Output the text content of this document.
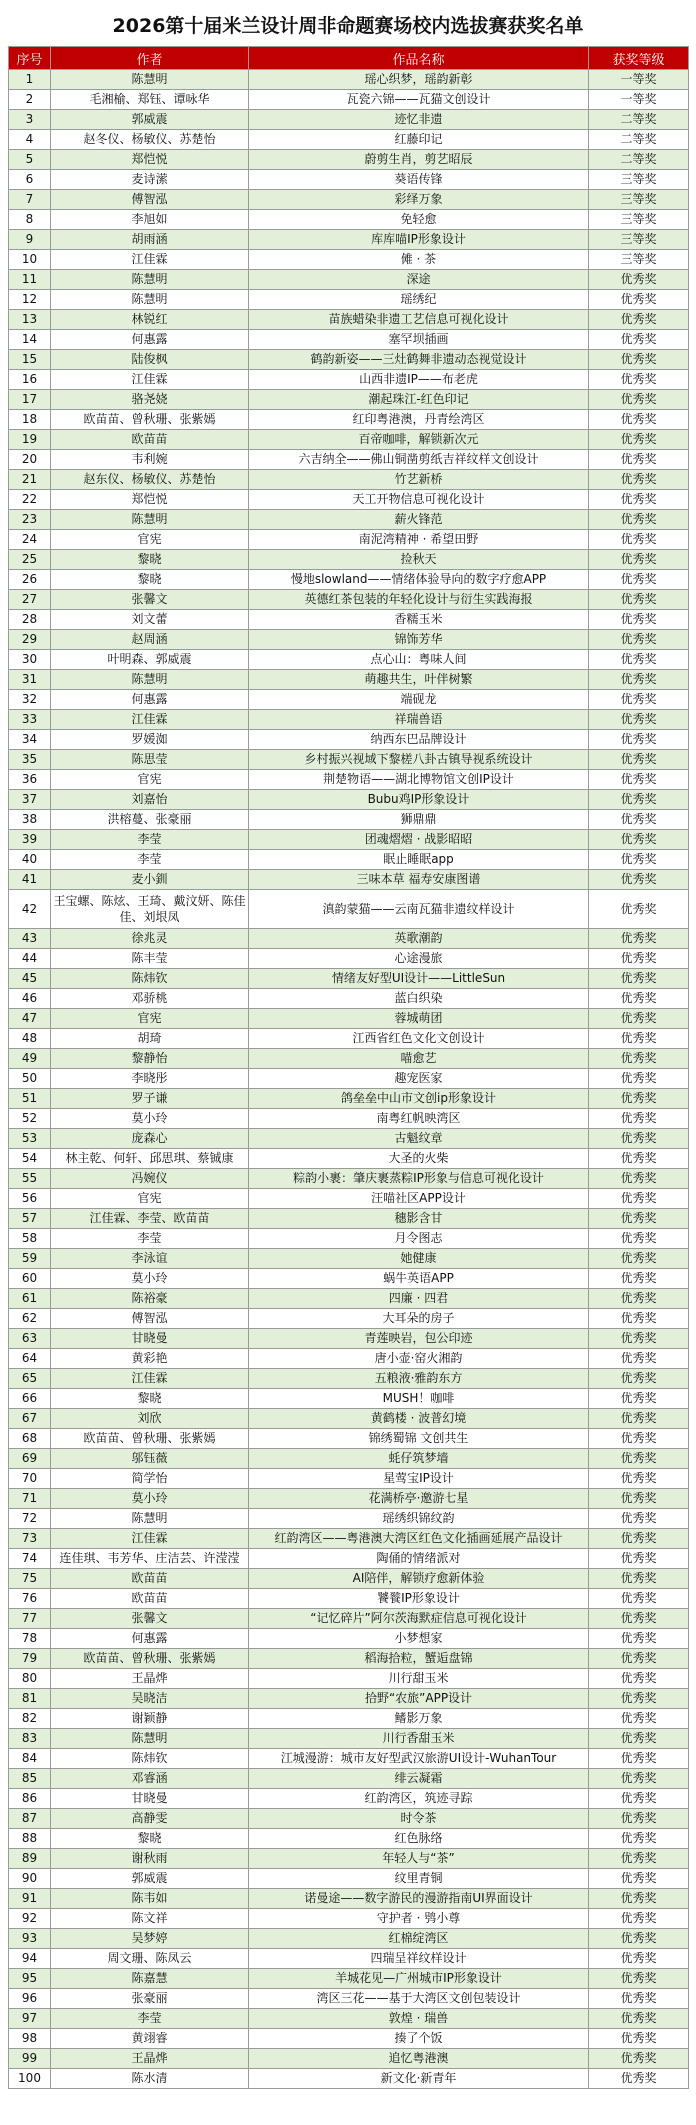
2026第十届米兰设计周非命题赛场校内选拔赛获奖名单
序号	作者	作品名称	获奖等级
1	陈慧明	瑶心织梦，瑶韵新彰	一等奖
2	毛湘榆、郑钰、谭咏华	瓦瓷六锦——瓦猫文创设计	一等奖
3	郭威震	迹忆非遗	二等奖
4	赵冬仪、杨敏仪、苏楚怡	红藤印记	二等奖
5	郑恺悦	蔚剪生肖，剪艺昭辰	二等奖
6	麦诗潆	葵语传锋	三等奖
7	傅智泓	彩绎万象	三等奖
8	李旭如	免轻愈	三等奖
9	胡雨涵	库库喵IP形象设计	三等奖
10	江佳霖	傩 · 茶	三等奖
11	陈慧明	深途	优秀奖
12	陈慧明	瑶绣纪	优秀奖
13	林锐红	苗族蜡染非遗工艺信息可视化设计	优秀奖
14	何惠露	塞罕坝插画	优秀奖
15	陆俊枫	鹤韵新姿——三灶鹤舞非遗动态视觉设计	优秀奖
16	江佳霖	山西非遗IP——布老虎	优秀奖
17	骆尧娆	潮起珠江-红色印记	优秀奖
18	欧苗苗、曾秋珊、张紫嫣	红印粤港澳，丹青绘湾区	优秀奖
19	欧苗苗	百帝咖啡，解锁新次元	优秀奖
20	韦利婉	六吉纳全——佛山铜凿剪纸吉祥纹样文创设计	优秀奖
21	赵东仪、杨敏仪、苏楚怡	竹艺新桥	优秀奖
22	郑恺悦	天工开物信息可视化设计	优秀奖
23	陈慧明	薪火锋范	优秀奖
24	官宪	南泥湾精神 · 希望田野	优秀奖
25	黎晓	捡秋天	优秀奖
26	黎晓	慢地slowland——情绪体验导向的数字疗愈APP	优秀奖
27	张馨文	英德红茶包装的年轻化设计与衍生实践海报	优秀奖
28	刘文蕾	香糯玉米	优秀奖
29	赵周涵	锦饰芳华	优秀奖
30	叶明森、郭威震	点心山：粤味人间	优秀奖
31	陈慧明	萌趣共生，叶伴树繁	优秀奖
32	何惠露	端砚龙	优秀奖
33	江佳霖	祥瑞兽语	优秀奖
34	罗媛洳	纳西东巴品牌设计	优秀奖
35	陈思莹	乡村振兴视域下黎槎八卦古镇导视系统设计	优秀奖
36	官宪	荆楚物语——湖北博物馆文创IP设计	优秀奖
37	刘嘉怡	Bubu鸡IP形象设计	优秀奖
38	洪榕蔓、张豪丽	狮鼎鼎	优秀奖
39	李莹	团魂熠熠 · 战影昭昭	优秀奖
40	李莹	眠止睡眠app	优秀奖
41	麦小釧	三味本草 福寿安康图谱	优秀奖
42	王宝螺、陈炫、王琦、戴汶妍、陈佳佳、刘垠凤	滇韵蒙猫——云南瓦猫非遗纹样设计	优秀奖
43	徐兆灵	英歌潮韵	优秀奖
44	陈丰莹	心途漫旅	优秀奖
45	陈炜钦	情绪友好型UI设计——LittleSun	优秀奖
46	邓骄桃	蓝白织染	优秀奖
47	官宪	蓉城萌团	优秀奖
48	胡琦	江西省红色文化文创设计	优秀奖
49	黎静怡	喵愈艺	优秀奖
50	李晓彤	趣宠医家	优秀奖
51	罗子谦	鸽垒垒中山市文创ip形象设计	优秀奖
52	莫小玲	南粤红帆映湾区	优秀奖
53	庞森心	古魁纹章	优秀奖
54	林主乾、何轩、邱思琪、蔡铖康	大圣的火柴	优秀奖
55	冯婉仪	粽韵小裹：肇庆裹蒸粽IP形象与信息可视化设计	优秀奖
56	官宪	汪喵社区APP设计	优秀奖
57	江佳霖、李莹、欧苗苗	穗影含甘	优秀奖
58	李莹	月令图志	优秀奖
59	李泳谊	她健康	优秀奖
60	莫小玲	蜗牛英语APP	优秀奖
61	陈裕豪	四廉 · 四君	优秀奖
62	傅智泓	大耳朵的房子	优秀奖
63	甘晓曼	青莲映岩，包公印迹	优秀奖
64	黄彩艳	唐小壶·窑火湘韵	优秀奖
65	江佳霖	五粮液·雅韵东方	优秀奖
66	黎晓	MUSH！咖啡	优秀奖
67	刘欣	黄鹤楼 · 波普幻境	优秀奖
68	欧苗苗、曾秋珊、张紫嫣	锦绣蜀锦 文创共生	优秀奖
69	邬钰薇	蚝仔筑梦墙	优秀奖
70	简学怡	星莺宝IP设计	优秀奖
71	莫小玲	花满桥亭·邀游七星	优秀奖
72	陈慧明	瑶绣织锦纹韵	优秀奖
73	江佳霖	红韵湾区——粤港澳大湾区红色文化插画延展产品设计	优秀奖
74	连佳琪、韦芳华、庄洁芸、许滢滢	陶俑的情绪派对	优秀奖
75	欧苗苗	AI陪伴，解锁疗愈新体验	优秀奖
76	欧苗苗	饕餮IP形象设计	优秀奖
77	张馨文	“记忆碎片”阿尔茨海默症信息可视化设计	优秀奖
78	何惠露	小梦想家	优秀奖
79	欧苗苗、曾秋珊、张紫嫣	稻海拾粒，蟹逅盘锦	优秀奖
80	王晶烨	川行甜玉米	优秀奖
81	吴晓洁	拾野“农旅”APP设计	优秀奖
82	谢颖静	鳍影万象	优秀奖
83	陈慧明	川行香甜玉米	优秀奖
84	陈炜钦	江城漫游：城市友好型武汉旅游UI设计-WuhanTour	优秀奖
85	邓睿涵	绯云凝霜	优秀奖
86	甘晓曼	红韵湾区，筑迹寻踪	优秀奖
87	高静雯	时令茶	优秀奖
88	黎晓	红色脉络	优秀奖
89	谢秋雨	年轻人与“茶”	优秀奖
90	郭威震	纹里青铜	优秀奖
91	陈韦如	诺曼途——数字游民的漫游指南UI界面设计	优秀奖
92	陈文祥	守护者 · 鸮小尊	优秀奖
93	吴梦婷	红棉绽湾区	优秀奖
94	周文珊、陈凤云	四瑞呈祥纹样设计	优秀奖
95	陈嘉慧	羊城花见—广州城市IP形象设计	优秀奖
96	张豪丽	湾区三花——基于大湾区文创包装设计	优秀奖
97	李莹	敦煌 · 瑞兽	优秀奖
98	黄翊睿	揍了个饭	优秀奖
99	王晶烨	追忆粤港澳	优秀奖
100	陈水清	新文化·新青年	优秀奖
